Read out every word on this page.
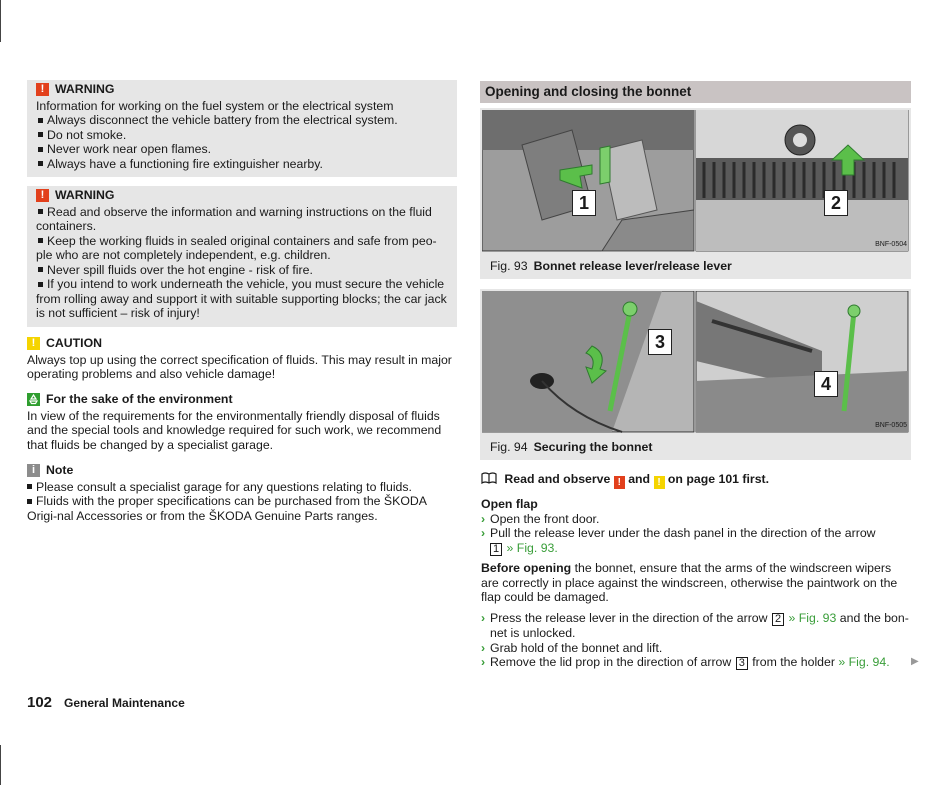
! WARNING
Information for working on the fuel system or the electrical system
Always disconnect the vehicle battery from the electrical system.
Do not smoke.
Never work near open flames.
Always have a functioning fire extinguisher nearby.
! WARNING
Read and observe the information and warning instructions on the fluid containers.
Keep the working fluids in sealed original containers and safe from peo-ple who are not completely independent, e.g. children.
Never spill fluids over the hot engine - risk of fire.
If you intend to work underneath the vehicle, you must secure the vehicle from rolling away and support it with suitable supporting blocks; the car jack is not sufficient – risk of injury!
! CAUTION
Always top up using the correct specification of fluids. This may result in major operating problems and also vehicle damage!
For the sake of the environment
In view of the requirements for the environmentally friendly disposal of fluids and the special tools and knowledge required for such work, we recommend that fluids be changed by a specialist garage.
i Note
Please consult a specialist garage for any questions relating to fluids.
Fluids with the proper specifications can be purchased from the ŠKODA Origi-nal Accessories or from the ŠKODA Genuine Parts ranges.
Opening and closing the bonnet
1	2
BNF-0504
Fig. 93 Bonnet release lever/release lever
3
4
BNF-0505
Fig. 94 Securing the bonnet
Read and observe ! and ! on page 101 first.
Open flap
› Open the front door.
› Pull the release lever under the dash panel in the direction of the arrow
1 » Fig. 93.
Before opening the bonnet, ensure that the arms of the windscreen wipers are correctly in place against the windscreen, otherwise the paintwork on the flap could be damaged.
› Press the release lever in the direction of the arrow 2 » Fig. 93 and the bon-net is unlocked.
› Grab hold of the bonnet and lift.
› Remove the lid prop in the direction of arrow 3 from the holder » Fig. 94.	▶
102 General Maintenance
